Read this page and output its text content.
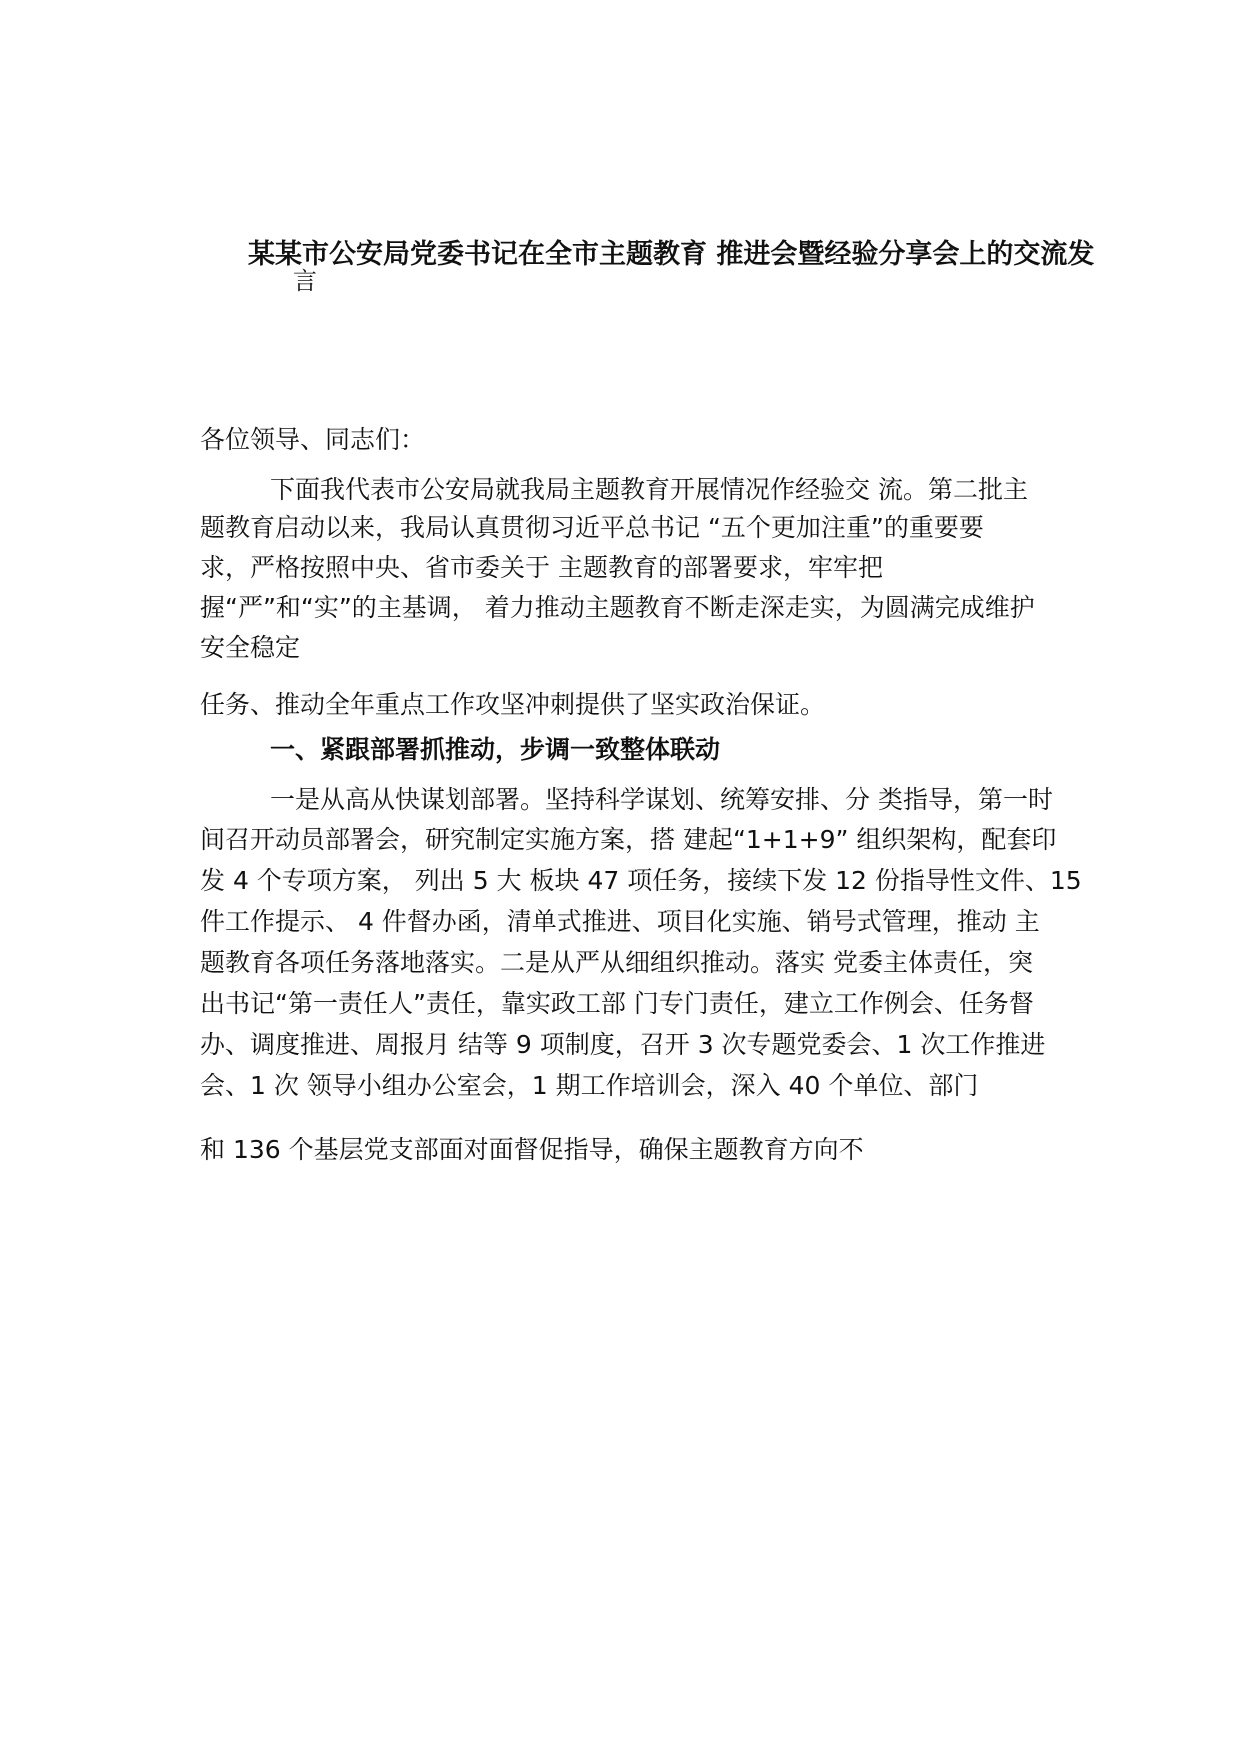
某某市公安局党委书记在全市主题教育 推进会暨经验分享会上的交流发
言
各位领导、同志们：
下面我代表市公安局就我局主题教育开展情况作经验交 流。第二批主
题教育启动以来，我局认真贯彻习近平总书记 “五个更加注重”的重要要
求，严格按照中央、省市委关于 主题教育的部署要求，牢牢把
握“严”和“实”的主基调， 着力推动主题教育不断走深走实，为圆满完成维护
安全稳定
任务、推动全年重点工作攻坚冲刺提供了坚实政治保证。
一、紧跟部署抓推动，步调一致整体联动
一是从高从快谋划部署。坚持科学谋划、统筹安排、分 类指导，第一时
间召开动员部署会，研究制定实施方案，搭 建起“1+1+9” 组织架构，配套印
发 4 个专项方案， 列出 5 大 板块 47 项任务，接续下发 12 份指导性文件、15
件工作提示、 4 件督办函，清单式推进、项目化实施、销号式管理，推动 主
题教育各项任务落地落实。二是从严从细组织推动。落实 党委主体责任，突
出书记“第一责任人”责任，靠实政工部 门专门责任，建立工作例会、任务督
办、调度推进、周报月 结等 9 项制度，召开 3 次专题党委会、1 次工作推进
会、1 次 领导小组办公室会，1 期工作培训会，深入 40 个单位、部门
和 136 个基层党支部面对面督促指导，确保主题教育方向不
